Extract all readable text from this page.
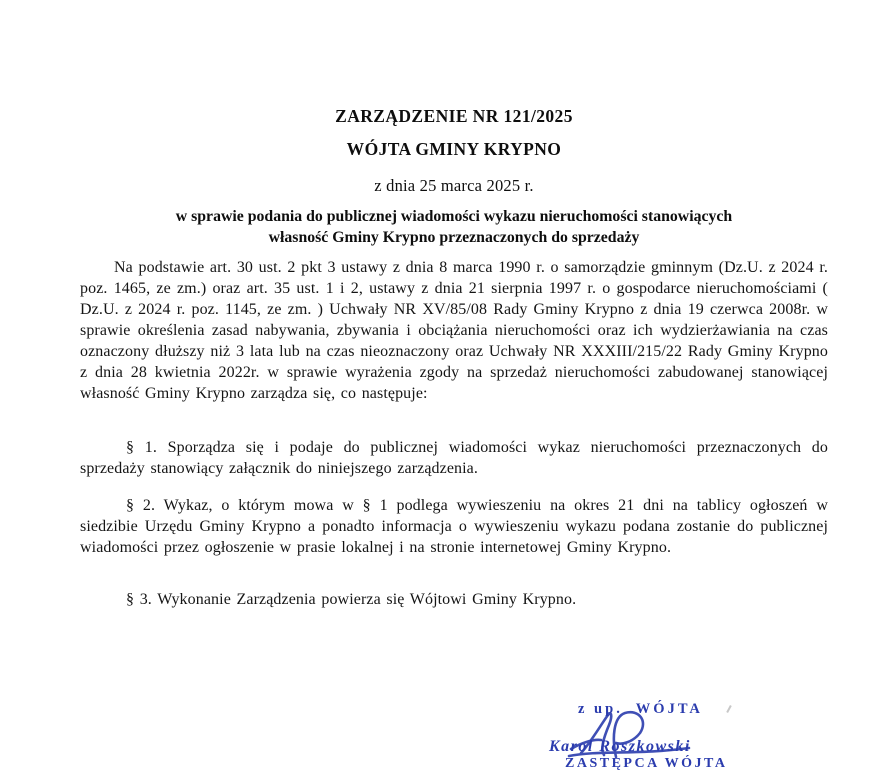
ZARZĄDZENIE NR 121/2025
WÓJTA GMINY KRYPNO
z dnia 25 marca 2025 r.
w sprawie podania do publicznej wiadomości wykazu nieruchomości stanowiących
własność Gminy Krypno przeznaczonych do sprzedaży

Na podstawie art. 30 ust. 2 pkt 3 ustawy z dnia 8 marca 1990 r. o samorządzie gminnym (Dz.U. z 2024 r. poz. 1465, ze zm.) oraz art. 35 ust. 1 i 2, ustawy z dnia 21 sierpnia 1997 r. o gospodarce nieruchomościami ( Dz.U. z 2024 r. poz. 1145, ze zm. ) Uchwały NR XV/85/08 Rady Gminy Krypno z dnia 19 czerwca 2008r. w sprawie określenia zasad nabywania, zbywania i obciążania nieruchomości oraz ich wydzierżawiania na czas oznaczony dłuższy niż 3 lata lub na czas nieoznaczony oraz Uchwały NR XXXIII/215/22 Rady Gminy Krypno z dnia 28 kwietnia 2022r. w sprawie wyrażenia zgody na sprzedaż nieruchomości zabudowanej stanowiącej własność Gminy Krypno zarządza się, co następuje:

§ 1. Sporządza się i podaje do publicznej wiadomości wykaz nieruchomości przeznaczonych do sprzedaży stanowiący załącznik do niniejszego zarządzenia.

§ 2. Wykaz, o którym mowa w § 1 podlega wywieszeniu na okres 21 dni na tablicy ogłoszeń w siedzibie Urzędu Gminy Krypno a ponadto informacja o wywieszeniu wykazu podana zostanie do publicznej wiadomości przez ogłoszenie w prasie lokalnej i na stronie internetowej Gminy Krypno.

§ 3. Wykonanie Zarządzenia powierza się Wójtowi Gminy Krypno.

z up.  WÓJTA
Karol Roszkowski
ZASTĘPCA WÓJTA
